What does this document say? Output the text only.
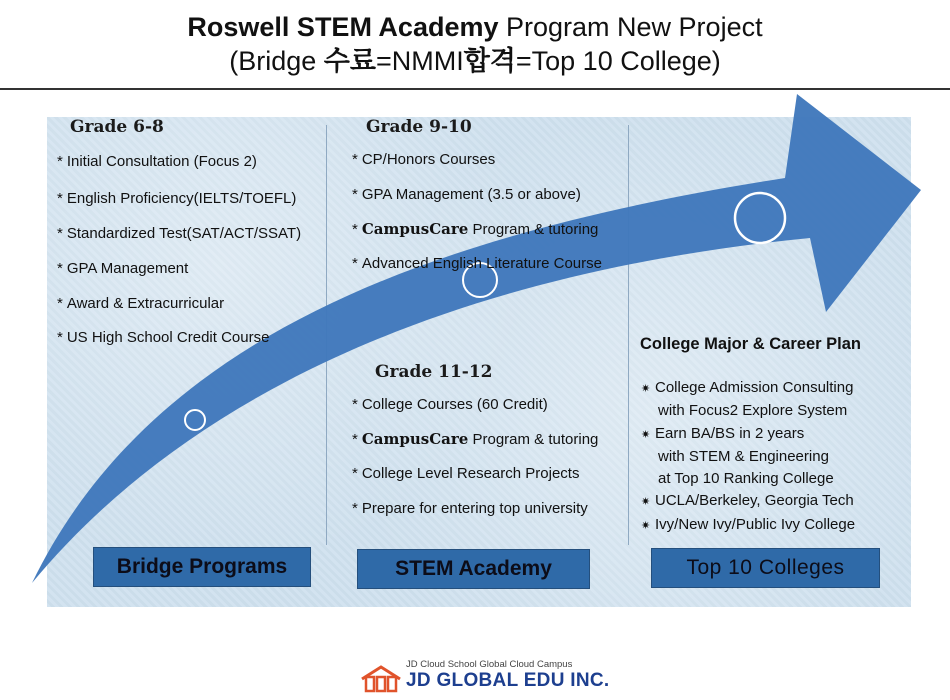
Roswell STEM Academy Program New Project
(Bridge 수료=NMMI합격=Top 10 College)
Grade 6-8
* Initial Consultation (Focus 2)
* English Proficiency(IELTS/TOEFL)
* Standardized Test(SAT/ACT/SSAT)
* GPA Management
* Award & Extracurricular
* US High School Credit Course
Grade 9-10
* CP/Honors Courses
* GPA Management (3.5 or above)
* CampusCare Program & tutoring
* Advanced English Literature Course
Grade 11-12
* College Courses (60 Credit)
* CampusCare Program & tutoring
* College Level Research Projects
* Prepare for entering top university
College Major & Career Plan
✷ College Admission Consulting
with Focus2 Explore System
✷ Earn BA/BS in 2 years
with STEM & Engineering
at Top 10 Ranking College
✷ UCLA/Berkeley, Georgia Tech
✷ Ivy/New Ivy/Public Ivy College
Bridge Programs	STEM Academy	Top 10 Colleges
JD Cloud School Global Cloud Campus
JD GLOBAL EDU INC.
